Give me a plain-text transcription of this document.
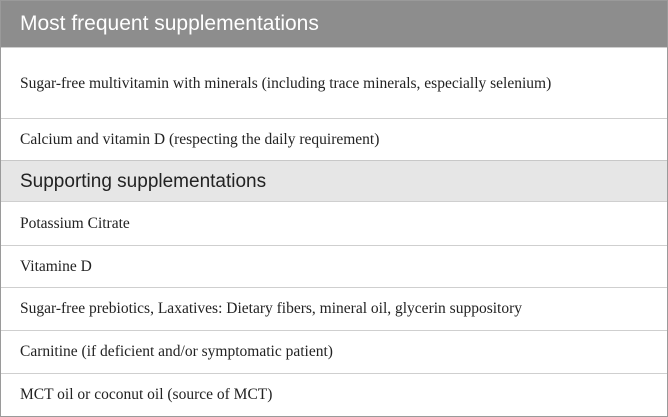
Most frequent supplementations
Sugar-free multivitamin with minerals (including trace minerals, especially selenium)
Calcium and vitamin D (respecting the daily requirement)
Supporting supplementations
Potassium Citrate
Vitamine D
Sugar-free prebiotics, Laxatives: Dietary fibers, mineral oil, glycerin suppository
Carnitine (if deficient and/or symptomatic patient)
MCT oil or coconut oil (source of MCT)
